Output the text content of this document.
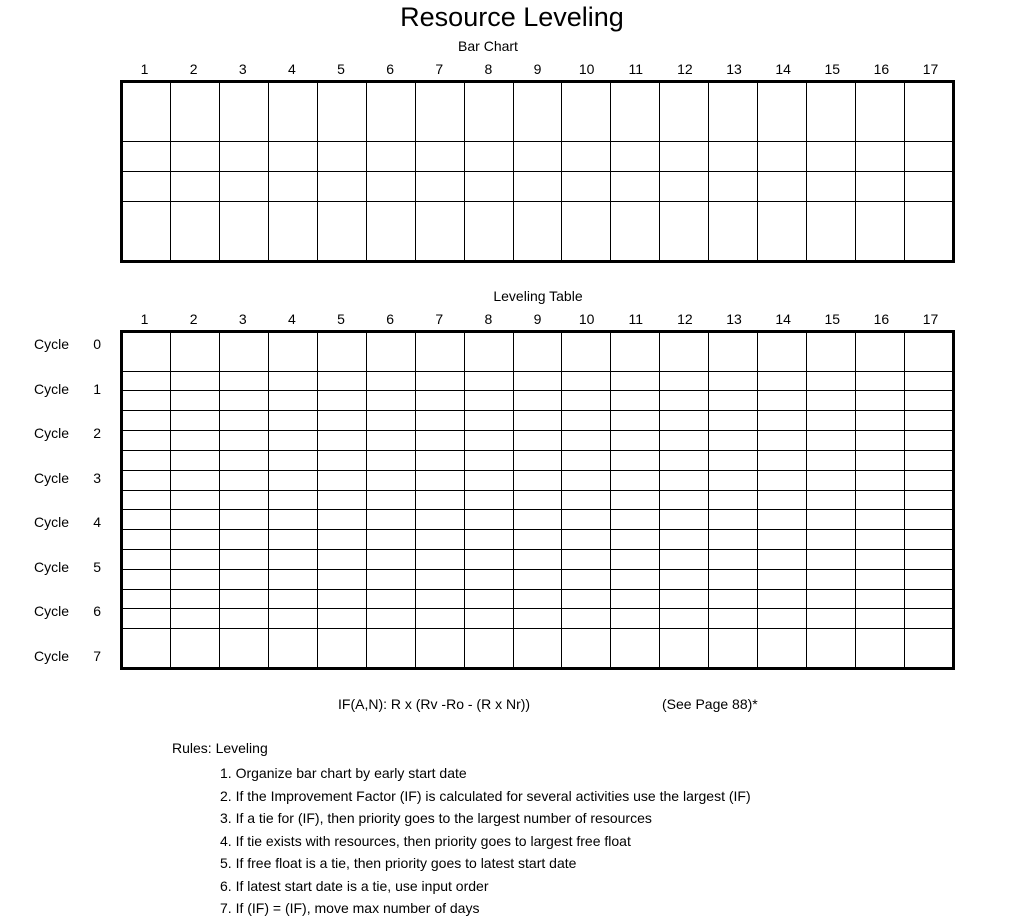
Resource Leveling
Bar Chart
1	2	3	4	5	6	7	8	9	10	11	12	13	14	15	16	17

Leveling Table
1	2	3	4	5	6	7	8	9	10	11	12	13	14	15	16	17
Cycle 0
Cycle 1
Cycle 2
Cycle 3
Cycle 4
Cycle 5
Cycle 6
Cycle 7

IF(A,N): R x (Rv -Ro - (R x Nr))	(See Page 88)*
Rules: Leveling
1. Organize bar chart by early start date
2. If the Improvement Factor (IF) is calculated for several activities use the largest (IF)
3. If a tie for (IF), then priority goes to the largest number of resources
4. If tie exists with resources, then priority goes to largest free float
5. If free float is a tie, then priority goes to latest start date
6. If latest start date is a tie, use input order
7. If (IF) = (IF), move max number of days
